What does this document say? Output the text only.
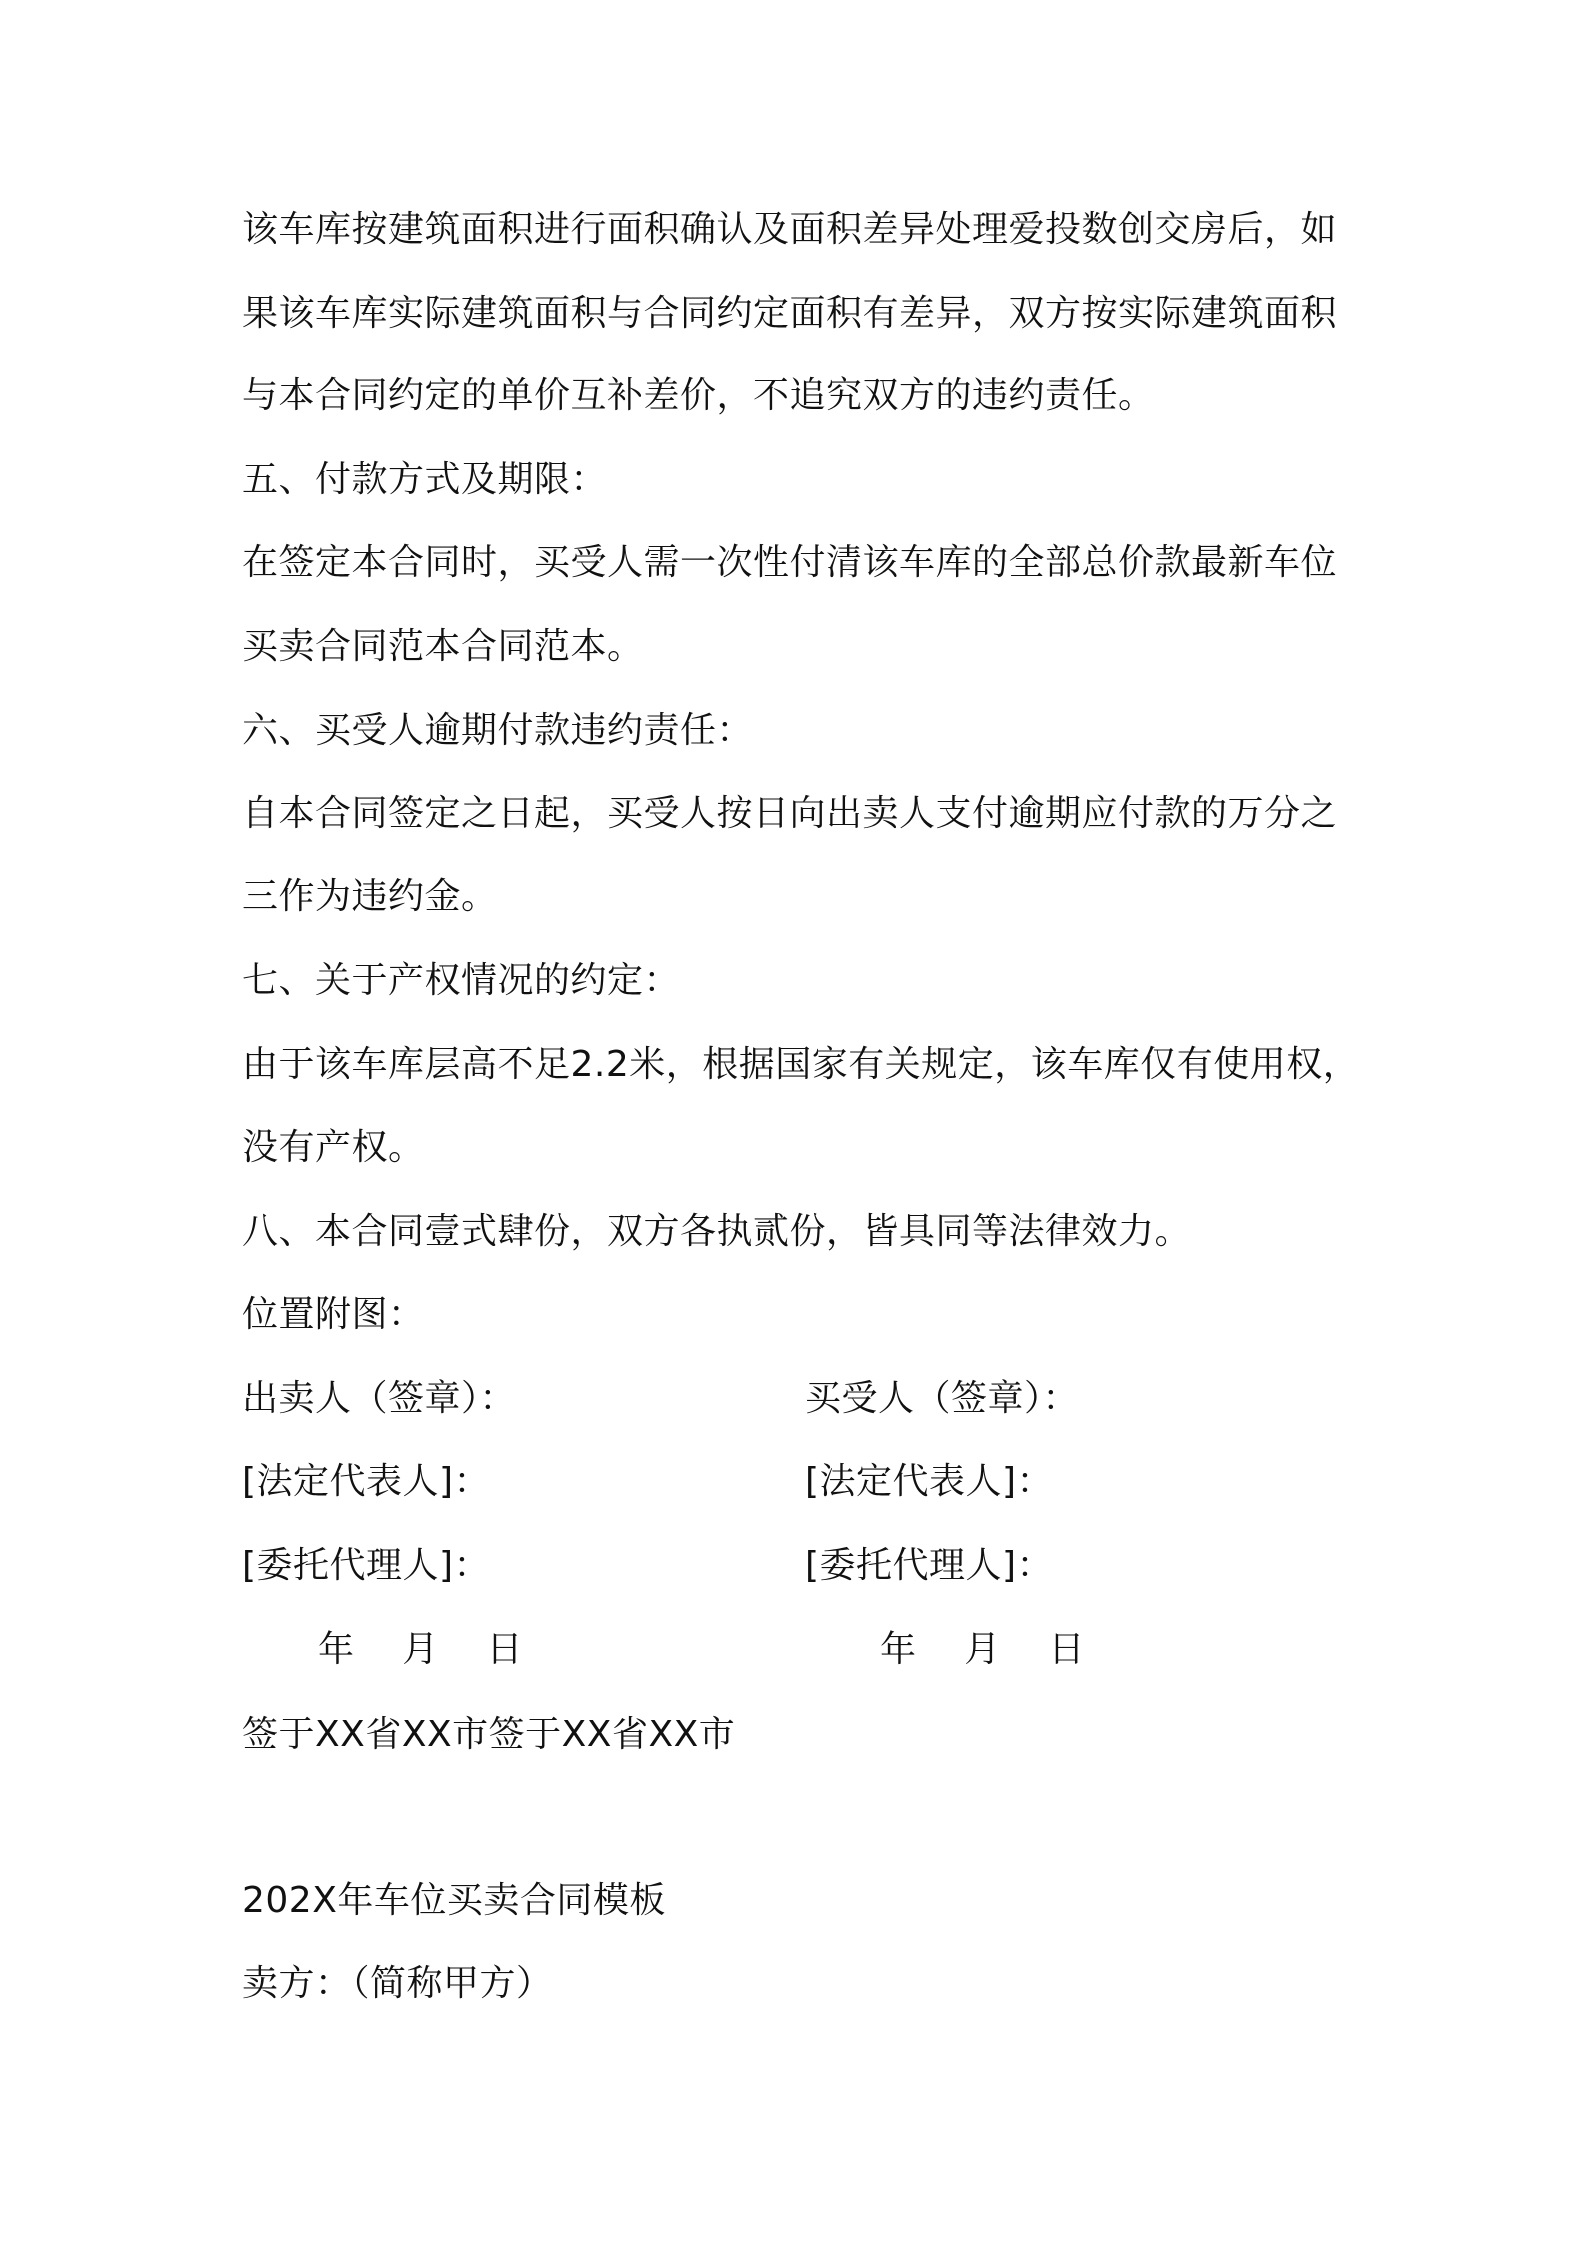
该车库按建筑面积进行面积确认及面积差异处理爱投数创交房后，如
果该车库实际建筑面积与合同约定面积有差异，双方按实际建筑面积
与本合同约定的单价互补差价，不追究双方的违约责任。
五、付款方式及期限：
在签定本合同时，买受人需一次性付清该车库的全部总价款最新车位
买卖合同范本合同范本。
六、买受人逾期付款违约责任：
自本合同签定之日起，买受人按日向出卖人支付逾期应付款的万分之
三作为违约金。
七、关于产权情况的约定：
由于该车库层高不足2.2米，根据国家有关规定，该车库仅有使用权，
没有产权。
八、本合同壹式肆份，双方各执贰份，皆具同等法律效力。
位置附图：
出卖人（签章）：	买受人（签章）：
[法定代表人]：	[法定代表人]：
[委托代理人]：	[委托代理人]：
年    月    日	年    月    日
签于XX省XX市签于XX省XX市
202X年车位买卖合同模板
卖方：（简称甲方）
